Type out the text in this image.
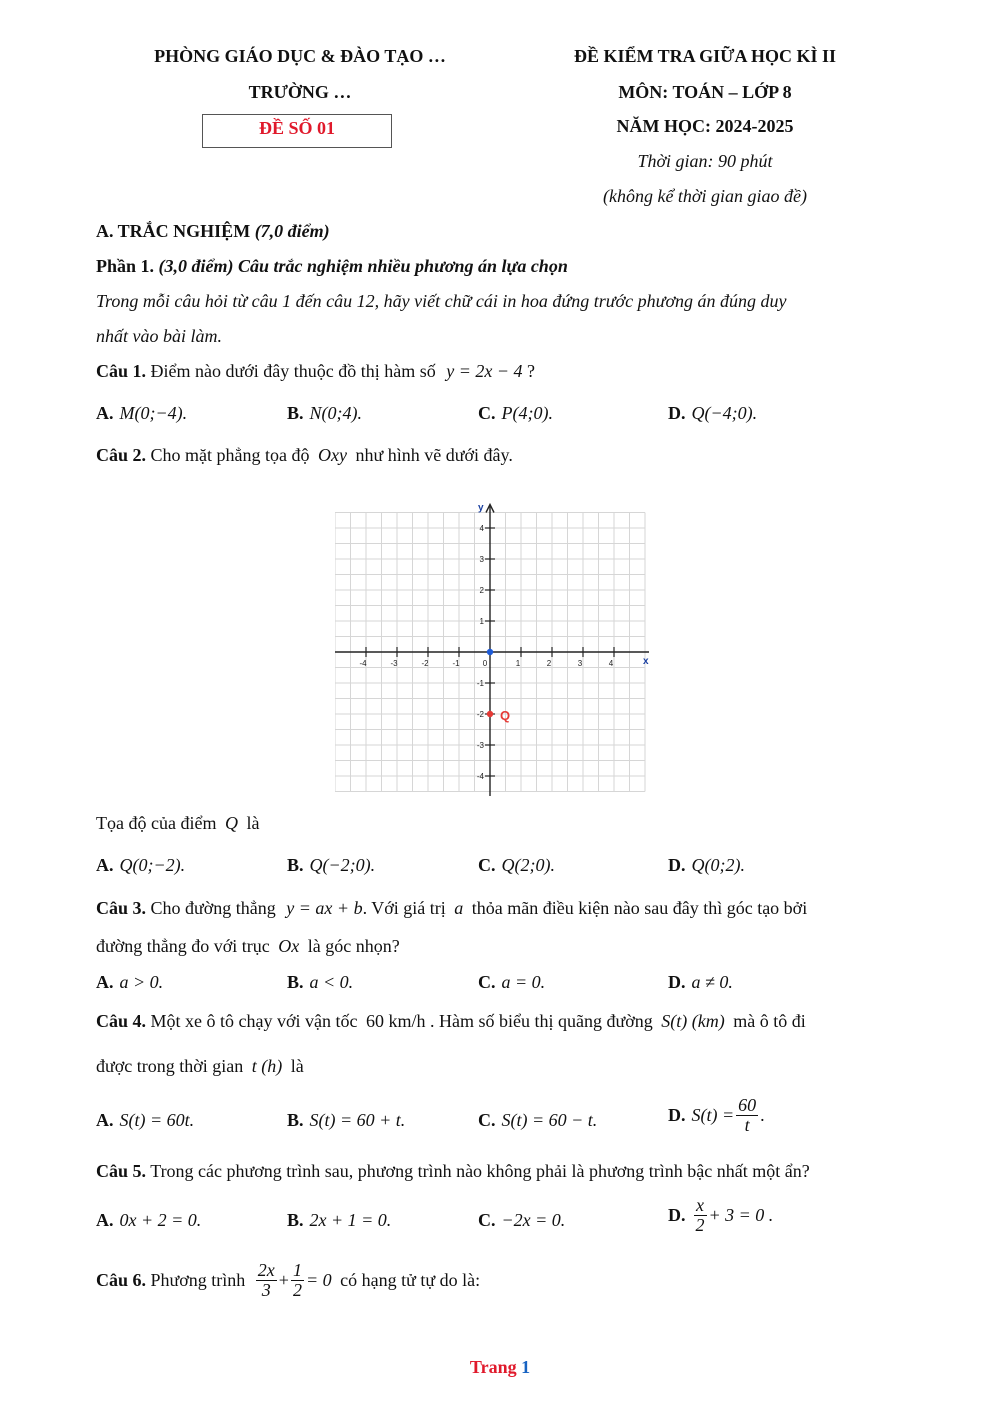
PHÒNG GIÁO DỤC & ĐÀO TẠO …
TRƯỜNG …
ĐỀ SỐ 01
ĐỀ KIỂM TRA GIỮA HỌC KÌ II
MÔN: TOÁN – LỚP 8
NĂM HỌC: 2024-2025
Thời gian: 90 phút
(không kể thời gian giao đề)
A. TRẮC NGHIỆM (7,0 điểm)
Phần 1. (3,0 điểm) Câu trắc nghiệm nhiều phương án lựa chọn
Trong mỗi câu hỏi từ câu 1 đến câu 12, hãy viết chữ cái in hoa đứng trước phương án đúng duy
nhất vào bài làm.
Câu 1. Điểm nào dưới đây thuộc đồ thị hàm số y = 2x − 4 ?
A. M(0;−4).	B. N(0;4).	C. P(4;0).	D. Q(−4;0).
Câu 2. Cho mặt phẳng tọa độ Oxy như hình vẽ dưới đây.
x
y
-4	-3	-2	-1	0	1	2	3	4
4
3
2
1
-1
-2
-3
-4
Q
Tọa độ của điểm Q là
A. Q(0;−2).	B. Q(−2;0).	C. Q(2;0).	D. Q(0;2).
Câu 3. Cho đường thẳng y = ax + b. Với giá trị a thỏa mãn điều kiện nào sau đây thì góc tạo bởi
đường thẳng đo với trục Ox là góc nhọn?
A. a > 0.	B. a < 0.	C. a = 0.	D. a ≠ 0.
Câu 4. Một xe ô tô chạy với vận tốc 60 km/h . Hàm số biểu thị quãng đường S(t) (km) mà ô tô đi
được trong thời gian t (h) là
A. S(t) = 60t.	B. S(t) = 60 + t.	C. S(t) = 60 − t.	D. $S(t) = \frac{60}{t}$ .
Câu 5. Trong các phương trình sau, phương trình nào không phải là phương trình bậc nhất một ẩn?
A. 0x + 2 = 0.	B. 2x + 1 = 0.	C. −2x = 0.	D. $\frac{x}{2} + 3 = 0$ .
Câu 6. Phương trình $\frac{2x}{3} + \frac{1}{2} = 0$ có hạng tử tự do là:
Trang 1
